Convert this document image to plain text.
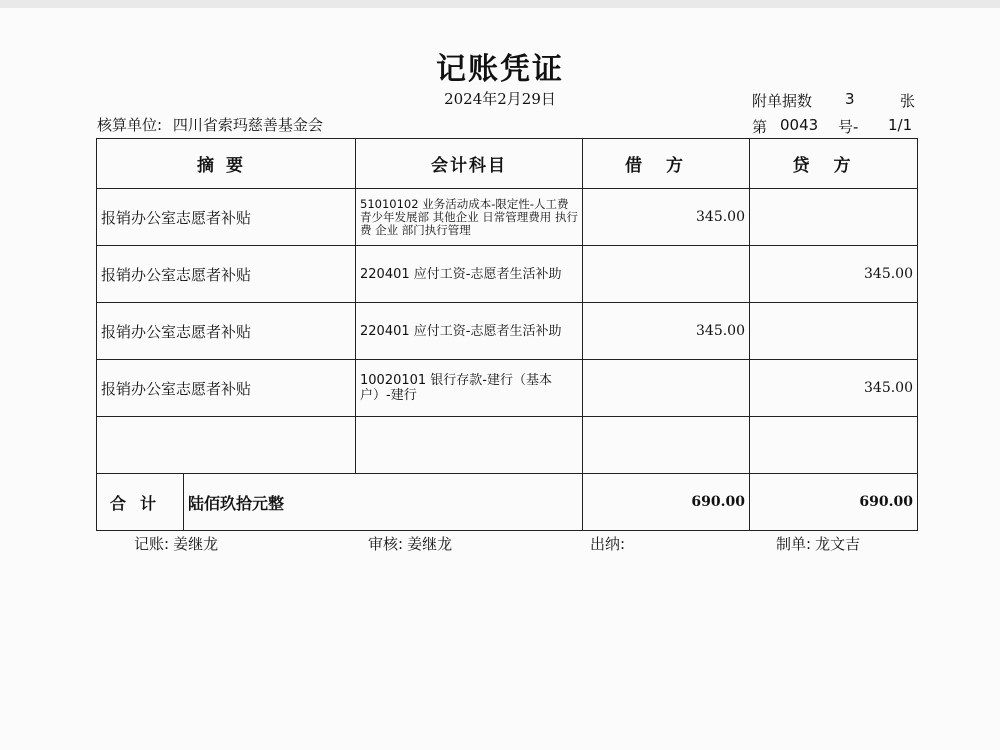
记账凭证
2024年2月29日	附单据数 3	张
核算单位: 四川省索玛慈善基金会	第 0043 号- 1/1
摘要		会计科目	借方	贷方
报销办公室志愿者补贴		51010102 业务活动成本-限定性-人工费 青少年发展部 其他企业 日常管理费用 执行费 企业 部门执行管理	345.00	
报销办公室志愿者补贴		220401 应付工资-志愿者生活补助		345.00
报销办公室志愿者补贴		220401 应付工资-志愿者生活补助	345.00	
报销办公室志愿者补贴		10020101 银行存款-建行（基本户）-建行		345.00

合计	陆佰玖拾元整		690.00	690.00
记账: 姜继龙	审核: 姜继龙	出纳:	制单: 龙文吉
